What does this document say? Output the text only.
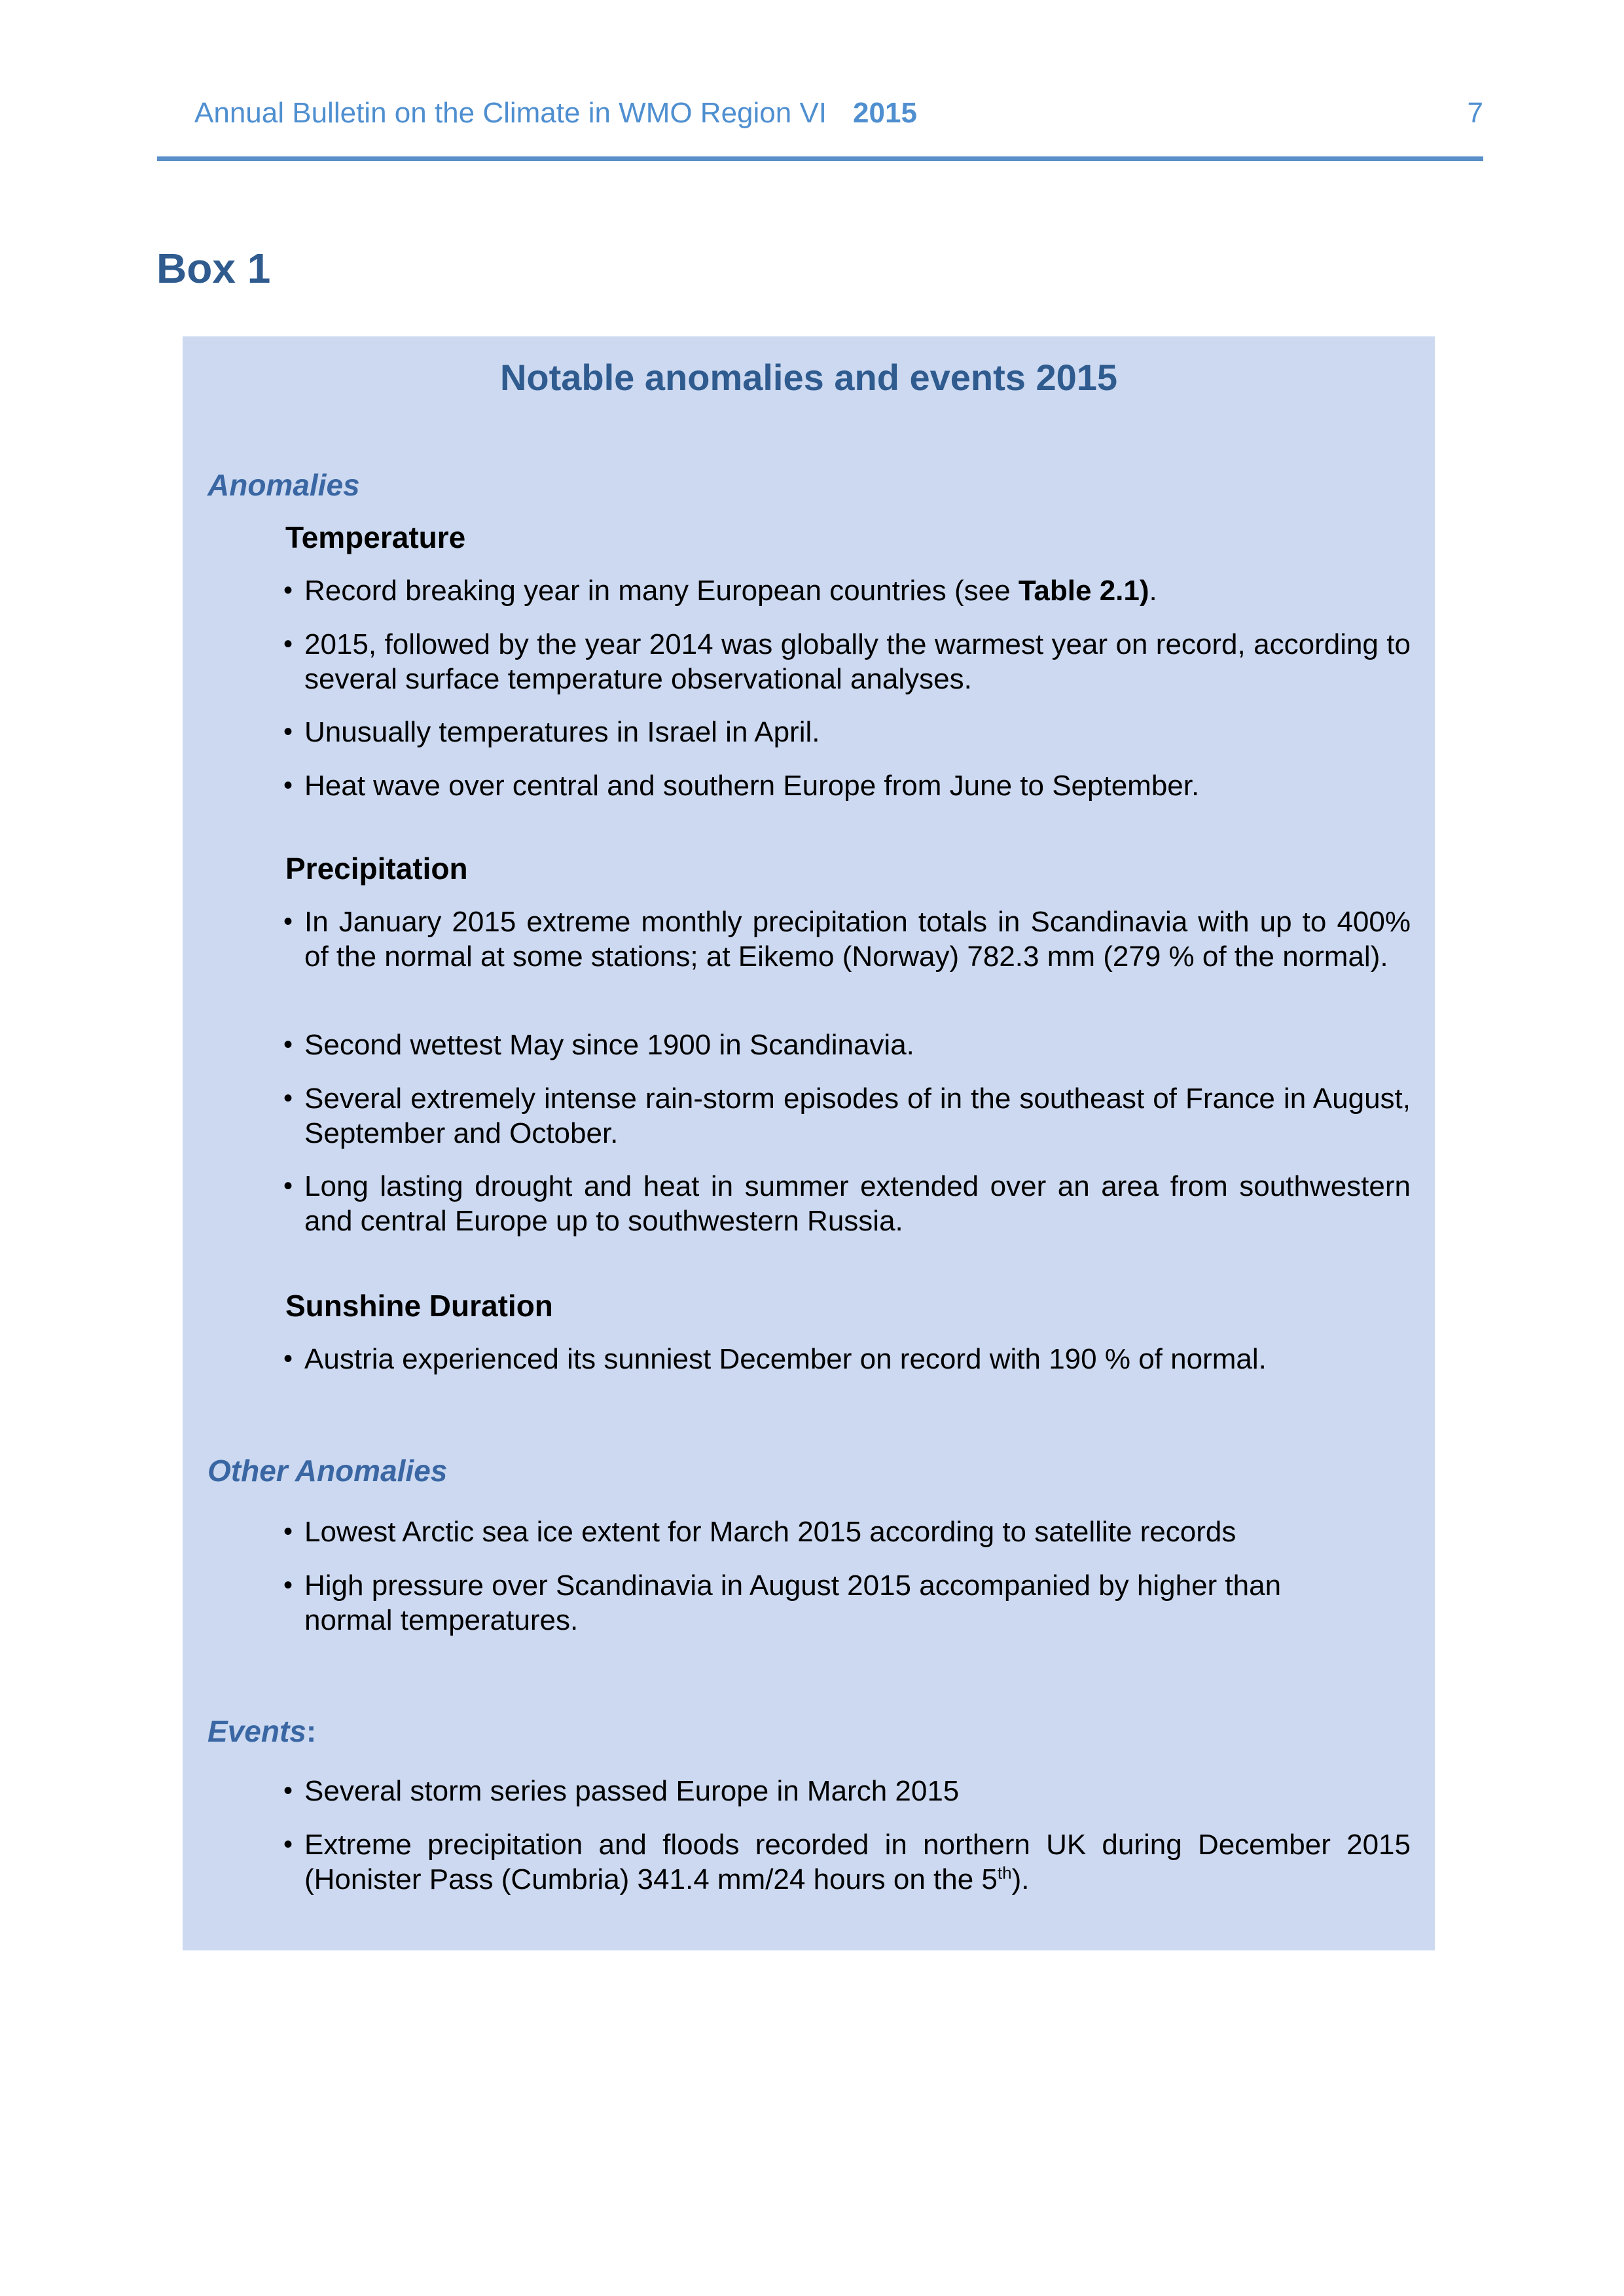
Annual Bulletin on the Climate in WMO Region VI 2015	7
Box 1
Notable anomalies and events 2015
Anomalies
Temperature
• Record breaking year in many European countries (see Table 2.1).
• 2015, followed by the year 2014 was globally the warmest year on record, according to several surface temperature observational analyses.
• Unusually temperatures in Israel in April.
• Heat wave over central and southern Europe from June to September.
Precipitation
• In January 2015 extreme monthly precipitation totals in Scandinavia with up to 400% of the normal at some stations; at Eikemo (Norway) 782.3 mm (279 % of the normal).
• Second wettest May since 1900 in Scandinavia.
• Several extremely intense rain-storm episodes of in the southeast of France in August, September and October.
• Long lasting drought and heat in summer extended over an area from southwestern and central Europe up to southwestern Russia.
Sunshine Duration
• Austria experienced its sunniest December on record with 190 % of normal.
Other Anomalies
• Lowest Arctic sea ice extent for March 2015 according to satellite records
• High pressure over Scandinavia in August 2015 accompanied by higher than normal temperatures.
Events:
• Several storm series passed Europe in March 2015
• Extreme precipitation and floods recorded in northern UK during December 2015 (Honister Pass (Cumbria) 341.4 mm/24 hours on the 5th).
